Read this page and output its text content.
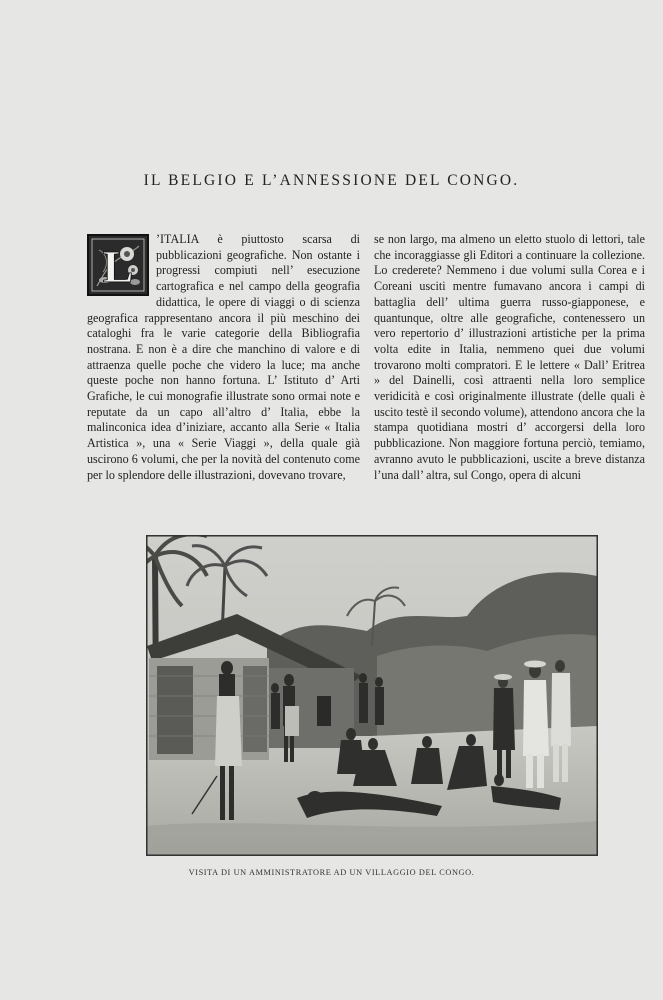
IL BELGIO E L’ANNESSIONE DEL CONGO.
L

’ITALIA è piuttosto scarsa di pubblicazioni geografiche. Non ostante i progressi compiuti nell’ esecuzione cartografica e nel campo della geografia didattica, le opere di viaggi o di scienza geografica rappresentano ancora il più meschino dei cataloghi fra le varie categorie della Bibliografia nostrana. E non è a dire che manchino di valore e di attraenza quelle poche che videro la luce; ma anche queste poche non hanno fortuna. L’ Istituto d’ Arti Grafiche, le cui monografie illustrate sono ormai note e reputate da un capo all’altro d’ Italia, ebbe la malinconica idea d’iniziare, accanto alla Serie « Italia Artistica », una « Serie Viaggi », della quale già uscirono 6 volumi, che per la novità del contenuto come per lo splendore delle illustrazioni, dovevano trovare,

se non largo, ma almeno un eletto stuolo di lettori, tale che incoraggiasse gli Editori a continuare la collezione. Lo crederete? Nemmeno i due volumi sulla Corea e i Coreani usciti mentre fumavano ancora i campi di battaglia dell’ ultima guerra russo-giapponese, e quantunque, oltre alle geografiche, contenessero un vero repertorio d’ illustrazioni artistiche per la prima volta edite in Italia, nemmeno quei due volumi trovarono molti compratori. E le lettere « Dall’ Eritrea » del Dainelli, così attraenti nella loro semplice veridicità e così originalmente illustrate (delle quali è uscito testè il secondo volume), attendono ancora che la stampa quotidiana mostri d’ accorgersi della loro pubblicazione. Non maggiore fortuna perciò, temiamo, avranno avuto le pubblicazioni, uscite a breve distanza l’una dall’ altra, sul Congo, opera di alcuni

VISITA DI UN AMMINISTRATORE AD UN VILLAGGIO DEL CONGO.
